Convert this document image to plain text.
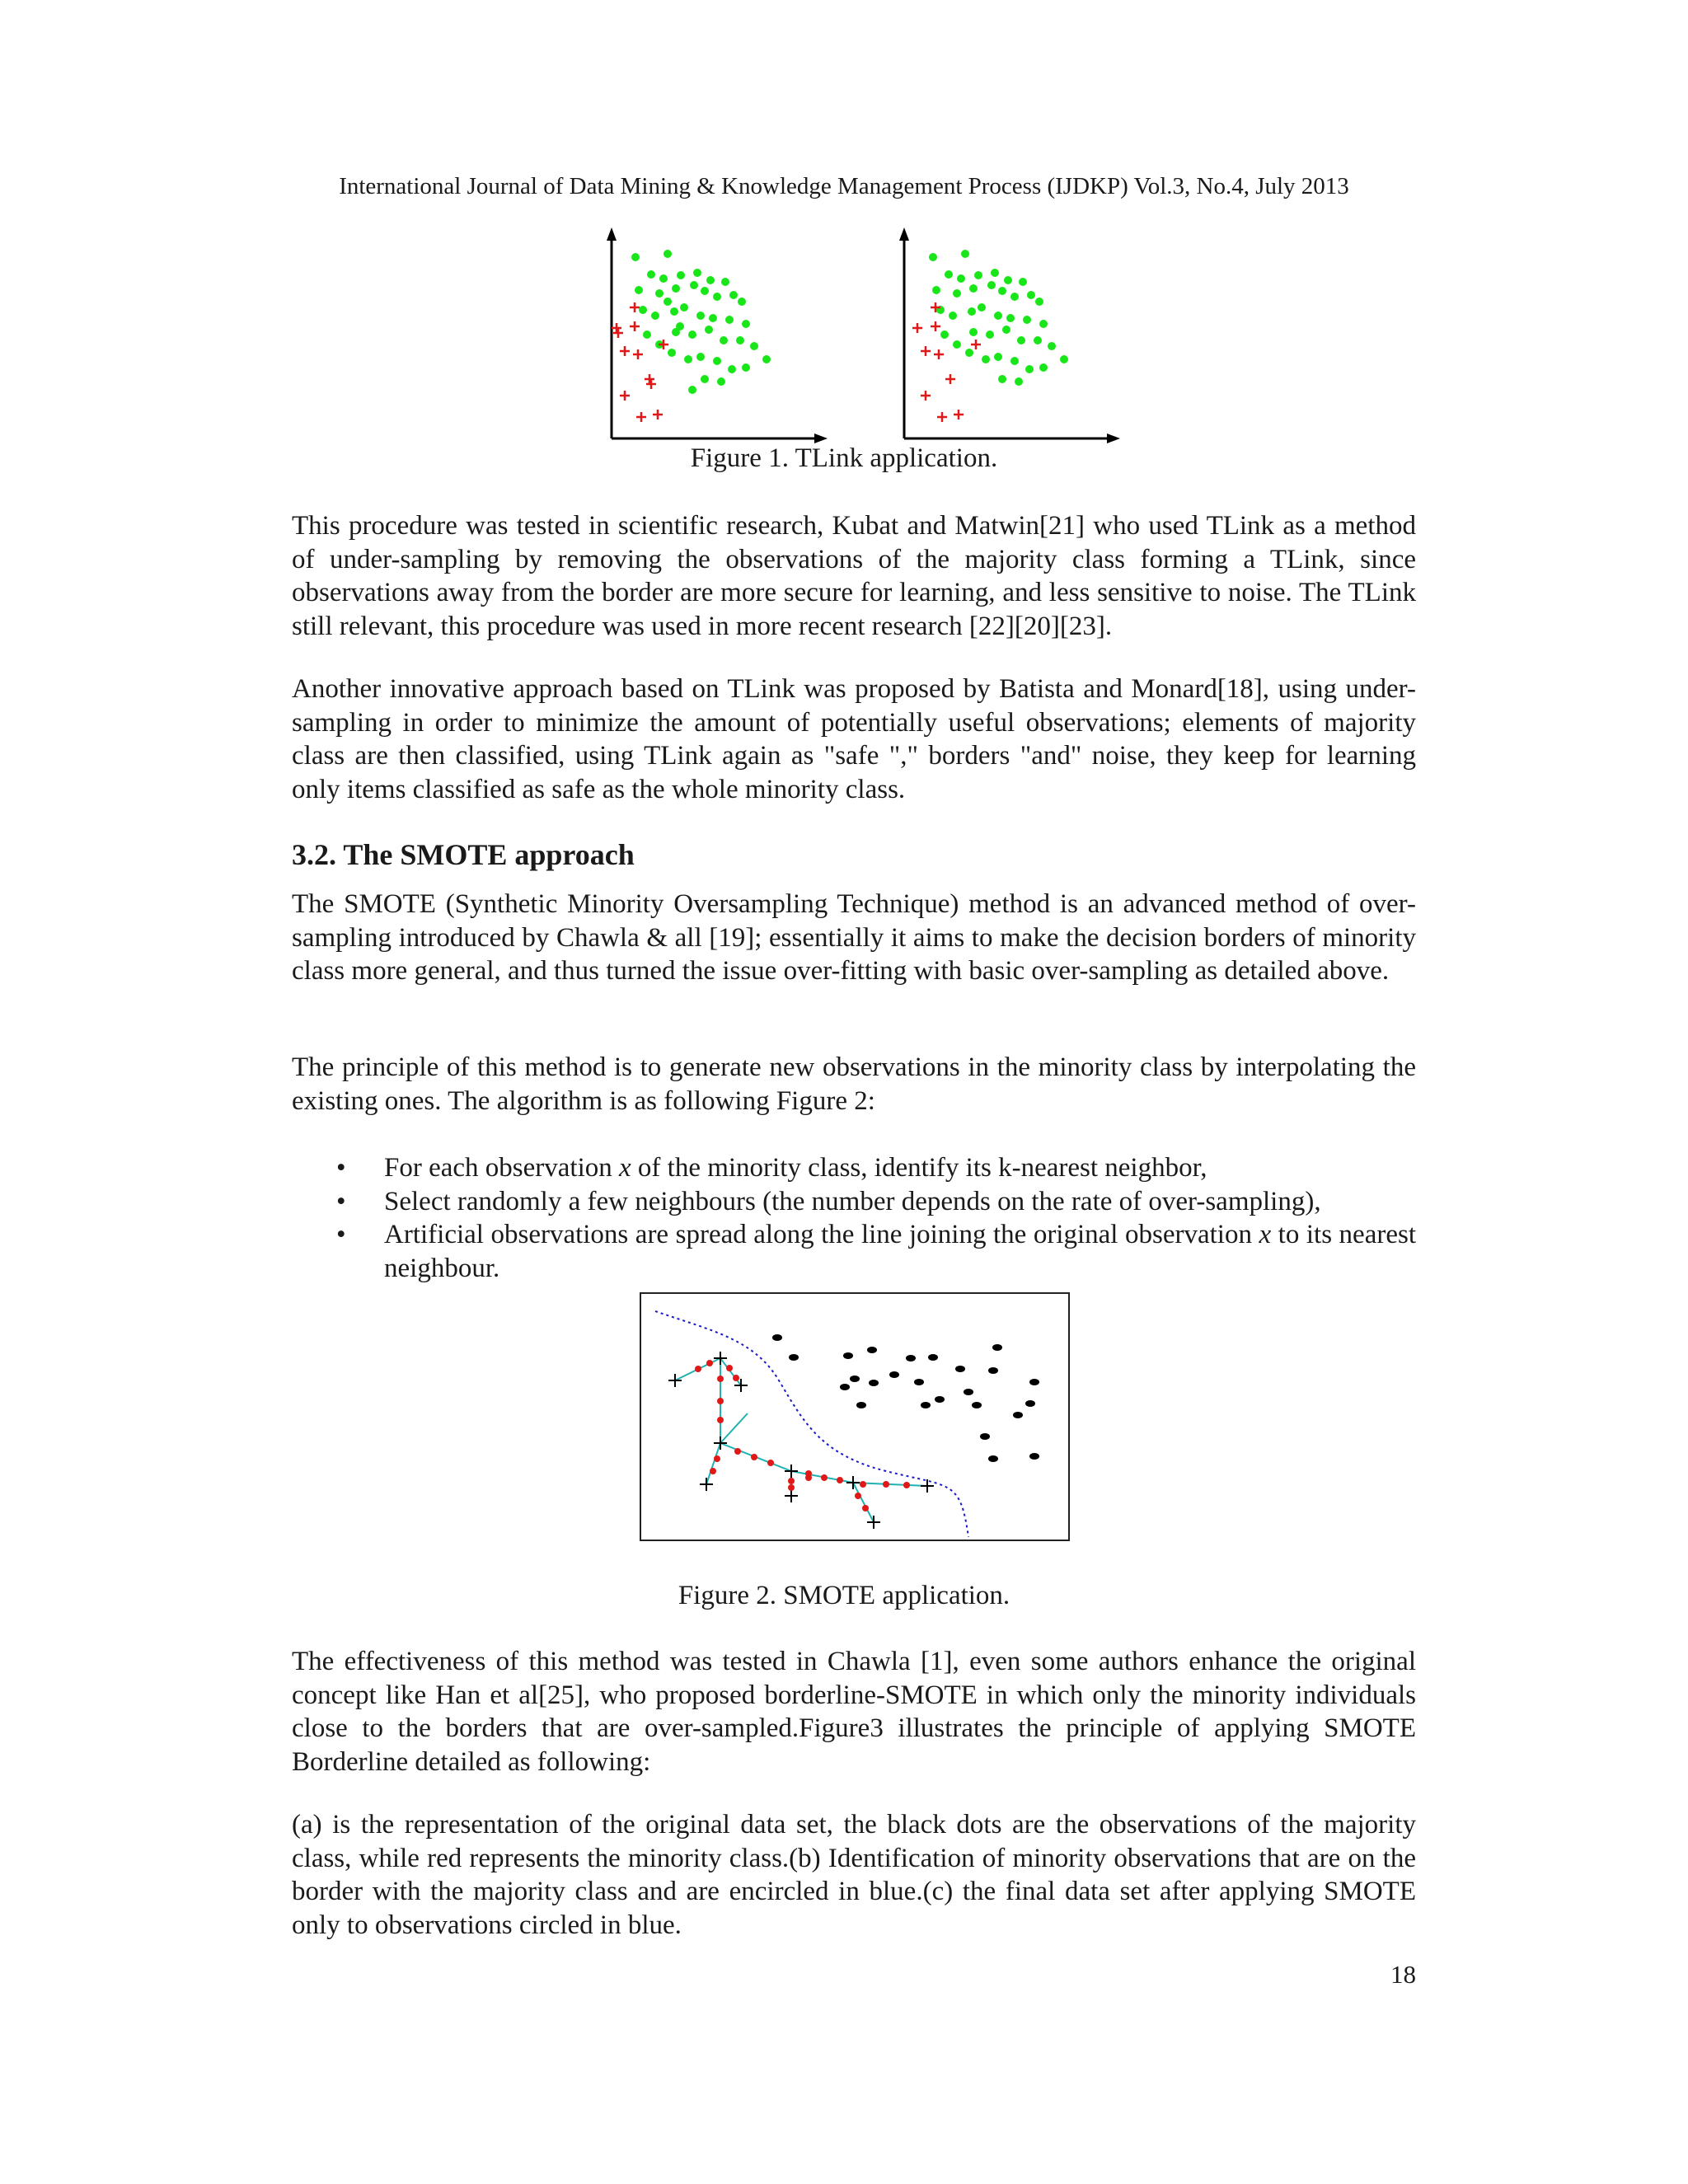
International Journal of Data Mining & Knowledge Management Process (IJDKP) Vol.3, No.4, July 2013
Figure 1. TLink application.

This procedure was tested in scientific research, Kubat and Matwin[21] who used TLink as a method of under-sampling by removing the observations of the majority class forming a TLink, since observations away from the border are more secure for learning, and less sensitive to noise. The TLink still relevant, this procedure was used in more recent research [22][20][23].

Another innovative approach based on TLink was proposed by Batista and Monard[18], using under-sampling in order to minimize the amount of potentially useful observations; elements of majority class are then classified, using TLink again as "safe "," borders "and" noise, they keep for learning only items classified as safe as the whole minority class.

3.2. The SMOTE approach

The SMOTE (Synthetic Minority Oversampling Technique) method is an advanced method of over-sampling introduced by Chawla & all [19]; essentially it aims to make the decision borders of minority class more general, and thus turned the issue over-fitting with basic over-sampling as detailed above.

The principle of this method is to generate new observations in the minority class by interpolating the existing ones. The algorithm is as following Figure 2:

• For each observation x of the minority class, identify its k-nearest neighbor,
• Select randomly a few neighbours (the number depends on the rate of over-sampling),
• Artificial observations are spread along the line joining the original observation x to its nearest neighbour.
Figure 2. SMOTE application.

The effectiveness of this method was tested in Chawla [1], even some authors enhance the original concept like Han et al[25], who proposed borderline-SMOTE in which only the minority individuals close to the borders that are over-sampled.Figure3 illustrates the principle of applying SMOTE Borderline detailed as following:

(a) is the representation of the original data set, the black dots are the observations of the majority class, while red represents the minority class.(b) Identification of minority observations that are on the border with the majority class and are encircled in blue.(c) the final data set after applying SMOTE only to observations circled in blue.

18
